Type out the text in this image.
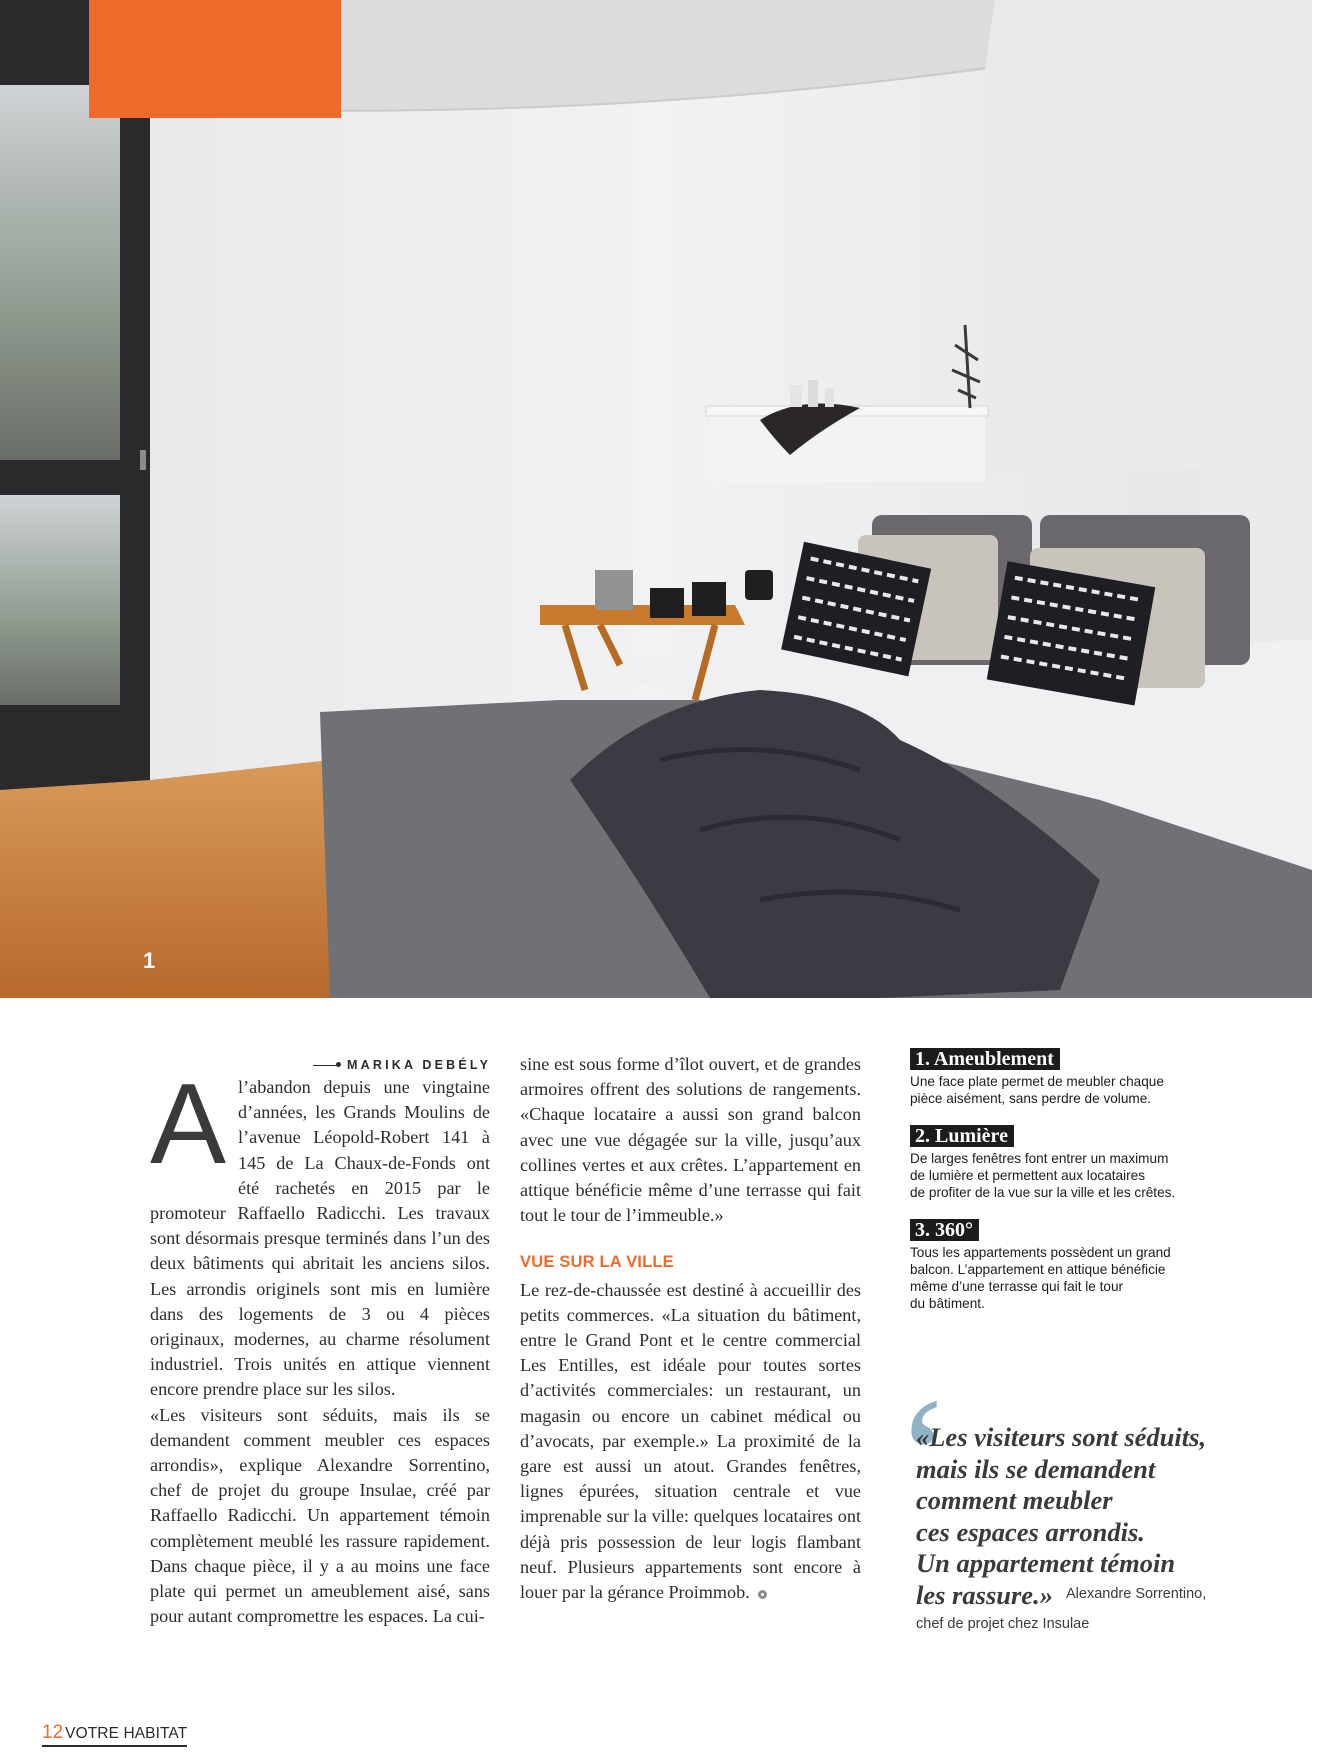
1
MARIKA DEBÉLY
A l’abandon depuis une vingtaine d’années, les Grands Moulins de l’avenue Léopold-Robert 141 à 145 de La Chaux-de-Fonds ont été rachetés en 2015 par le promoteur Raffaello Radicchi. Les travaux sont désormais presque terminés dans l’un des deux bâtiments qui abritait les anciens silos. Les arrondis originels sont mis en lumière dans des logements de 3 ou 4 pièces originaux, modernes, au charme résolument industriel. Trois unités en attique viennent encore prendre place sur les silos.

«Les visiteurs sont séduits, mais ils se demandent comment meubler ces espaces arrondis», explique Alexandre Sorrentino, chef de projet du groupe Insulae, créé par Raffaello Radicchi. Un appartement témoin complètement meublé les rassure rapidement. Dans chaque pièce, il y a au moins une face plate qui permet un ameublement aisé, sans pour autant compromettre les espaces. La cui-

sine est sous forme d’îlot ouvert, et de grandes armoires offrent des solutions de rangements. «Chaque locataire a aussi son grand balcon avec une vue dégagée sur la ville, jusqu’aux collines vertes et aux crêtes. L’appartement en attique bénéficie même d’une terrasse qui fait tout le tour de l’immeuble.»

VUE SUR LA VILLE

Le rez-de-chaussée est destiné à accueillir des petits commerces. «La situation du bâtiment, entre le Grand Pont et le centre commercial Les Entilles, est idéale pour toutes sortes d’activités commerciales: un restaurant, un magasin ou encore un cabinet médical ou d’avocats, par exemple.» La proximité de la gare est aussi un atout. Grandes fenêtres, lignes épurées, situation centrale et vue imprenable sur la ville: quelques locataires ont déjà pris possession de leur logis flambant neuf. Plusieurs appartements sont encore à louer par la gérance Proimmob.

1. Ameublement
Une face plate permet de meubler chaque
pièce aisément, sans perdre de volume.
2. Lumière
De larges fenêtres font entrer un maximum
de lumière et permettent aux locataires
de profiter de la vue sur la ville et les crêtes.
3. 360°
Tous les appartements possèdent un grand
balcon. L’appartement en attique bénéficie
même d’une terrasse qui fait le tour
du bâtiment.
‘
«Les visiteurs sont séduits,
mais ils se demandent
comment meubler
ces espaces arrondis.
Un appartement témoin
les rassure.» Alexandre Sorrentino,
chef de projet chez Insulae
12 VOTRE HABITAT
